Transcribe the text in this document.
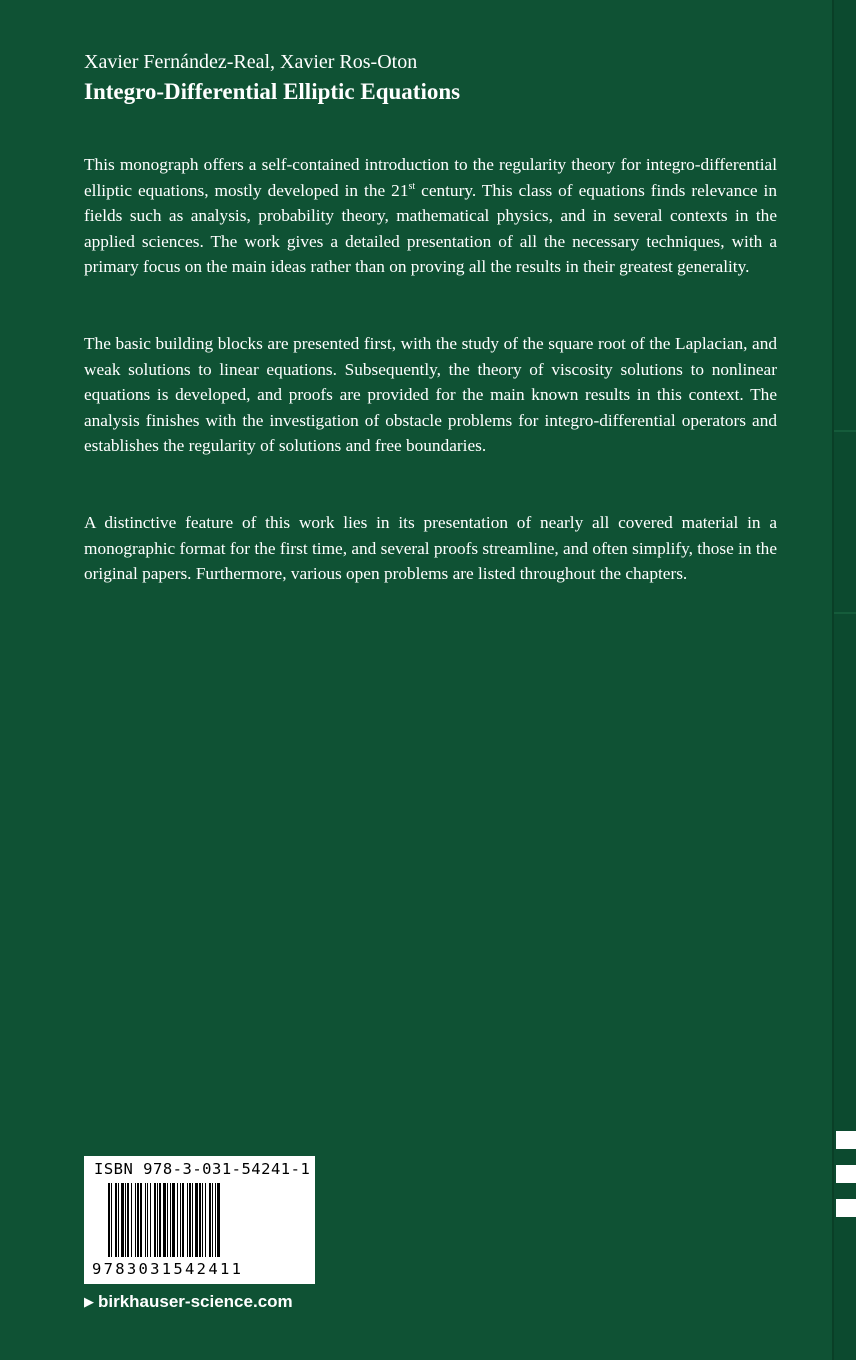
Xavier Fernández-Real, Xavier Ros-Oton
Integro-Differential Elliptic Equations

This monograph offers a self-contained introduction to the regularity theory for integro-differential elliptic equations, mostly developed in the 21st century. This class of equations finds relevance in fields such as analysis, probability theory, mathematical physics, and in several contexts in the applied sciences. The work gives a detailed presentation of all the necessary techniques, with a primary focus on the main ideas rather than on proving all the results in their greatest generality.

The basic building blocks are presented first, with the study of the square root of the Laplacian, and weak solutions to linear equations. Subsequently, the theory of viscosity solutions to nonlinear equations is developed, and proofs are provided for the main known results in this context. The analysis finishes with the investigation of obstacle problems for integro-differential operators and establishes the regularity of solutions and free boundaries.

A distinctive feature of this work lies in its presentation of nearly all covered material in a monographic format for the first time, and several proofs streamline, and often simplify, those in the original papers. Furthermore, various open problems are listed throughout the chapters.

ISBN 978-3-031-54241-1
9783031542411
▶ birkhauser-science.com
